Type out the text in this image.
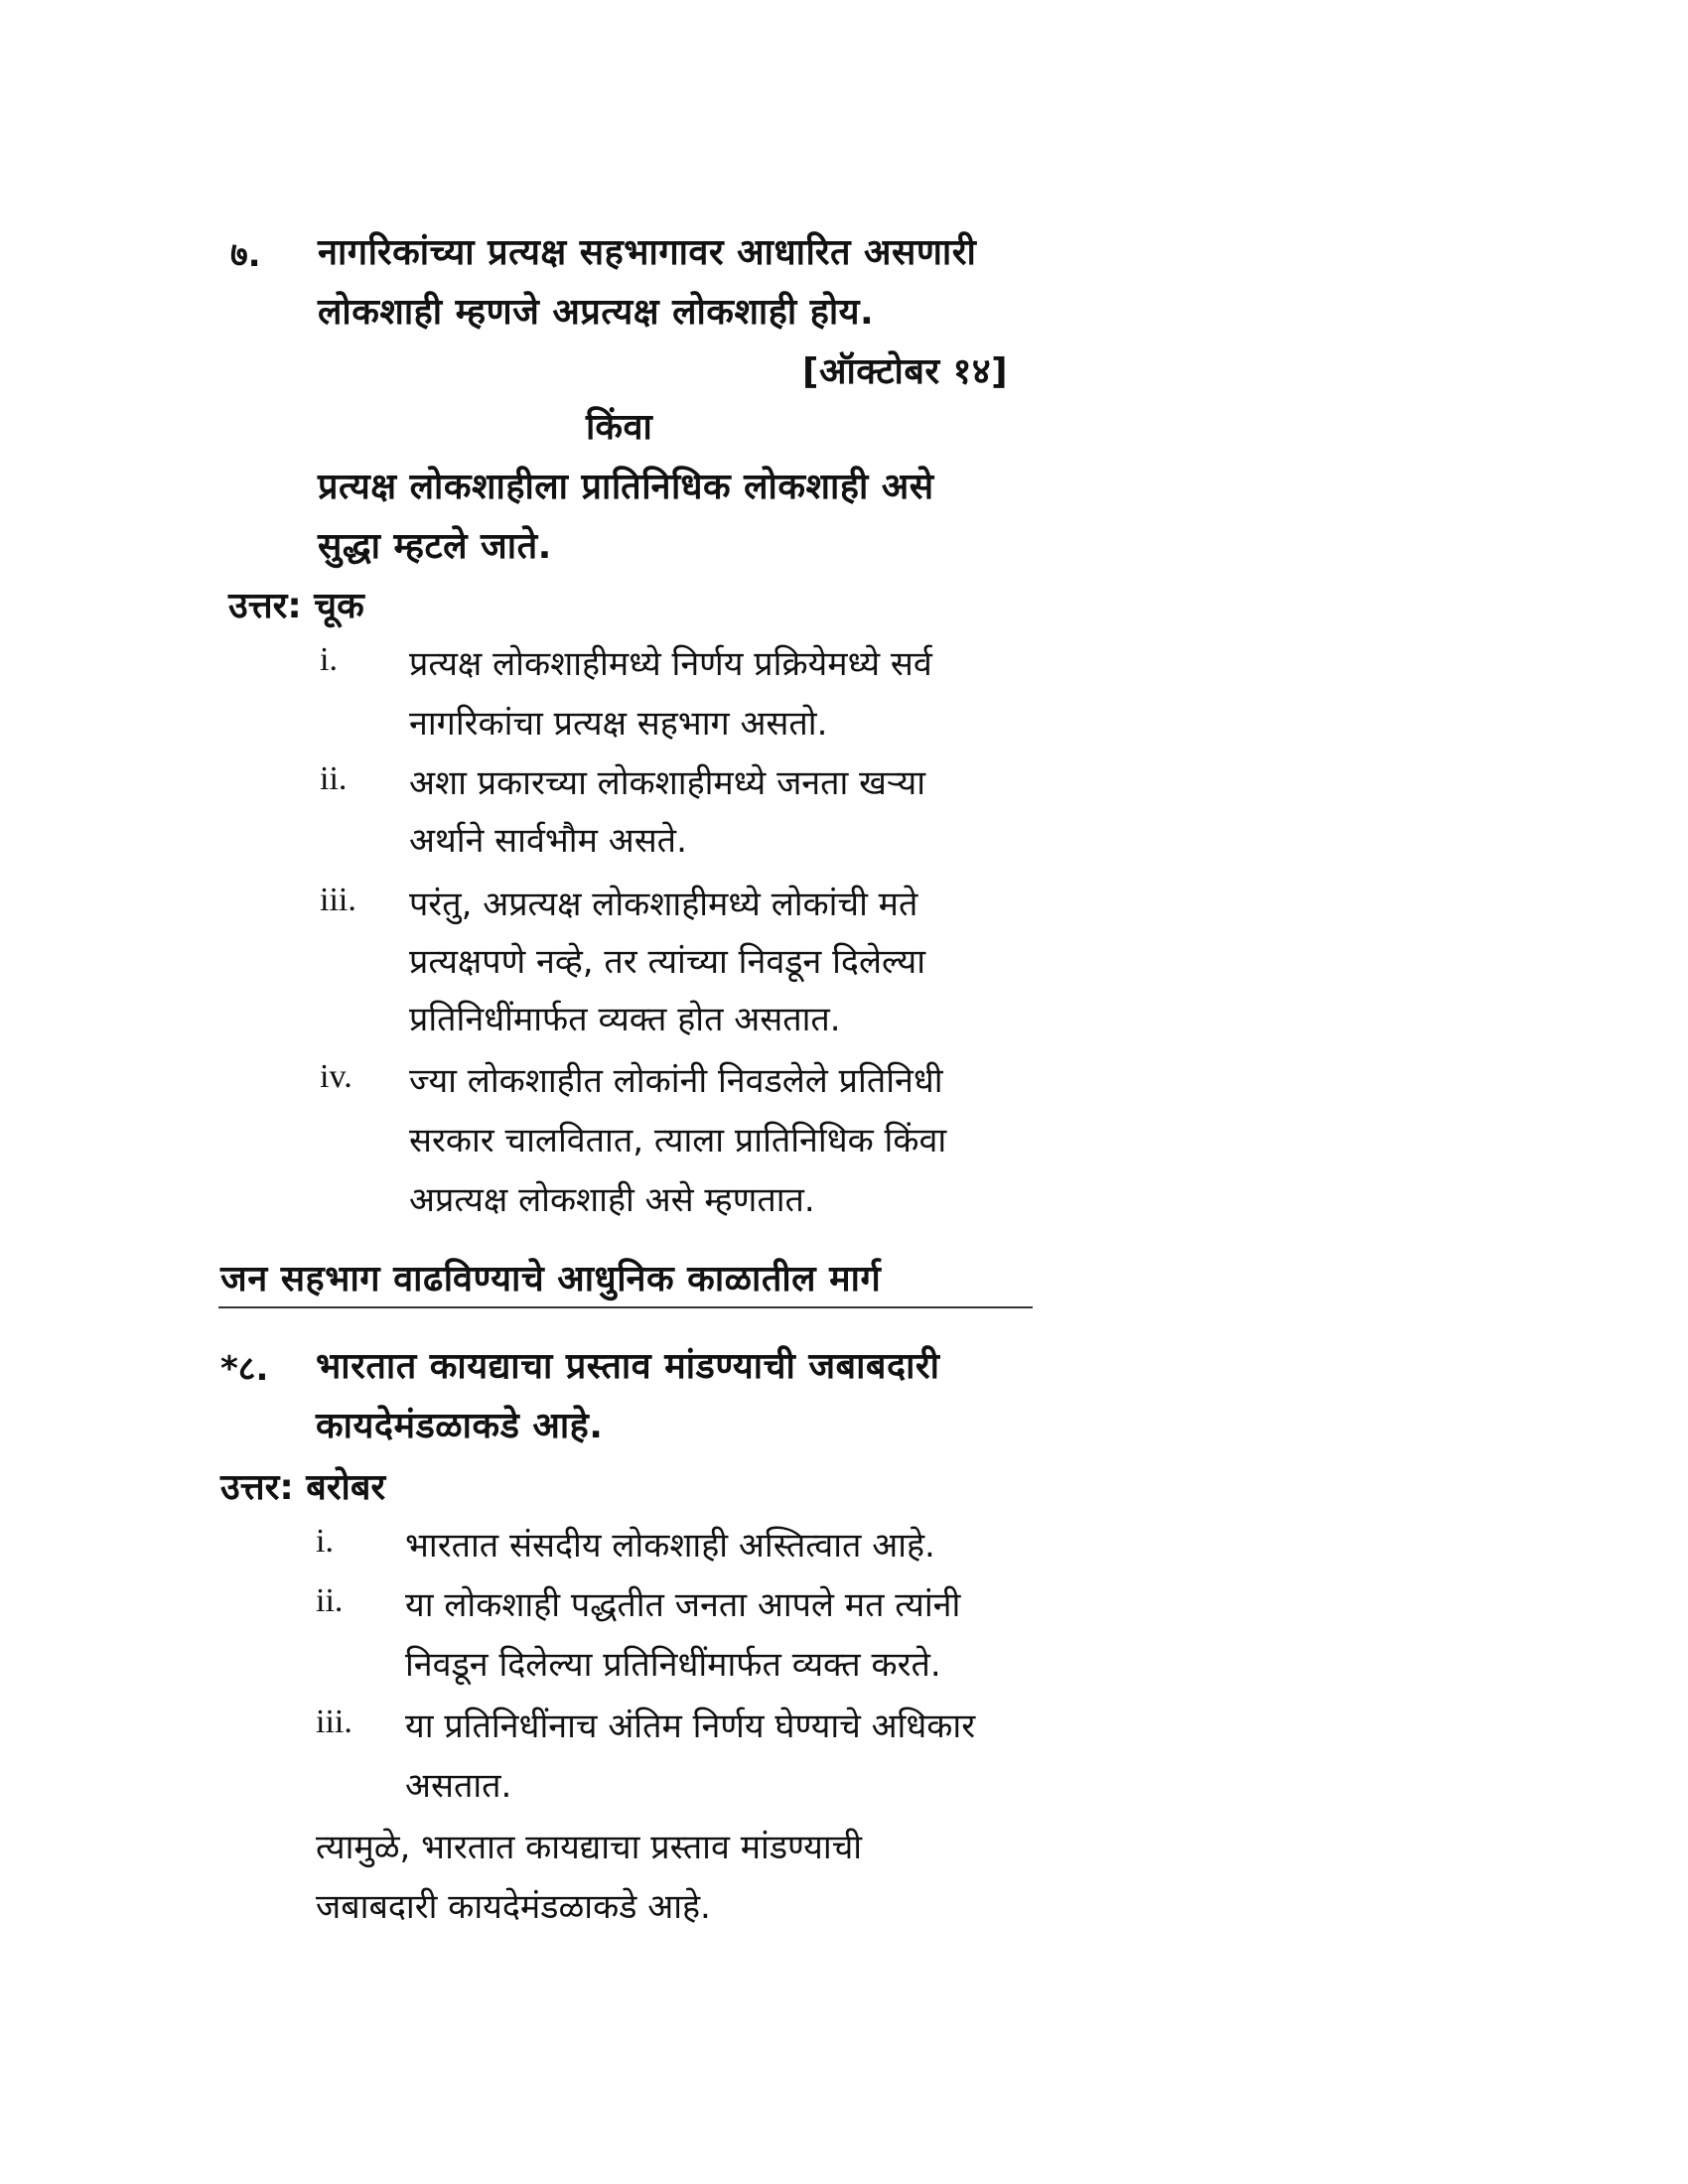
७. नागरिकांच्या प्रत्यक्ष सहभागावर आधारित असणारी
लोकशाही म्हणजे अप्रत्यक्ष लोकशाही होय.
[ऑक्टोबर १४]
किंवा
प्रत्यक्ष लोकशाहीला प्रातिनिधिक लोकशाही असे
सुद्धा म्हटले जाते.
उत्तर: चूक
i. प्रत्यक्ष लोकशाहीमध्ये निर्णय प्रक्रियेमध्ये सर्व
नागरिकांचा प्रत्यक्ष सहभाग असतो.
ii. अशा प्रकारच्या लोकशाहीमध्ये जनता खऱ्या
अर्थाने सार्वभौम असते.
iii. परंतु, अप्रत्यक्ष लोकशाहीमध्ये लोकांची मते
प्रत्यक्षपणे नव्हे, तर त्यांच्या निवडून दिलेल्या
प्रतिनिधींमार्फत व्यक्त होत असतात.
iv. ज्या लोकशाहीत लोकांनी निवडलेले प्रतिनिधी
सरकार चालवितात, त्याला प्रातिनिधिक किंवा
अप्रत्यक्ष लोकशाही असे म्हणतात.
जन सहभाग वाढविण्याचे आधुनिक काळातील मार्ग
*८. भारतात कायद्याचा प्रस्ताव मांडण्याची जबाबदारी
कायदेमंडळाकडे आहे.
उत्तर: बरोबर
i. भारतात संसदीय लोकशाही अस्तित्वात आहे.
ii. या लोकशाही पद्धतीत जनता आपले मत त्यांनी
निवडून दिलेल्या प्रतिनिधींमार्फत व्यक्त करते.
iii. या प्रतिनिधींनाच अंतिम निर्णय घेण्याचे अधिकार
असतात.
त्यामुळे, भारतात कायद्याचा प्रस्ताव मांडण्याची
जबाबदारी कायदेमंडळाकडे आहे.
